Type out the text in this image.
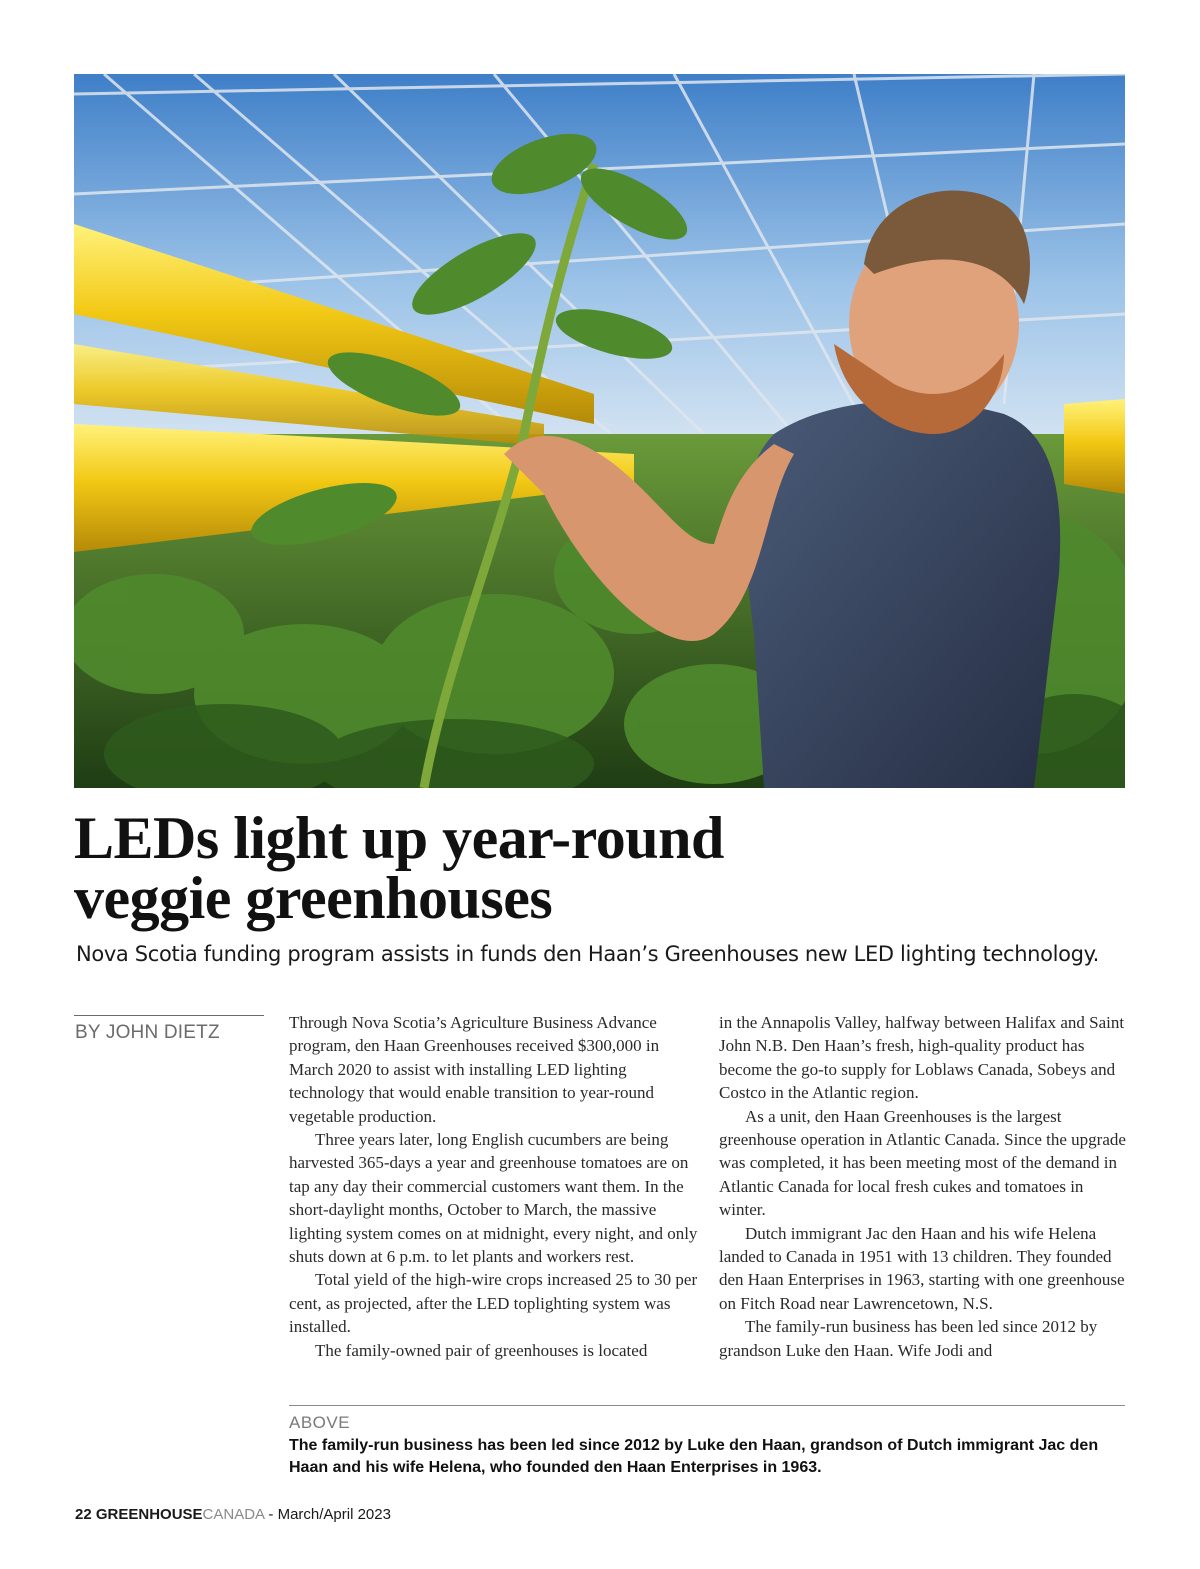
LEDs light up year-round
veggie greenhouses

Nova Scotia funding program assists in funds den Haan’s Greenhouses new LED lighting technology.

BY JOHN DIETZ	Through Nova Scotia’s Agriculture Business Advance program, den Haan Greenhouses received $300,000 in March 2020 to assist with installing LED lighting technology that would enable transition to year-round vegetable production.

Three years later, long English cucumbers are being harvested 365-days a year and greenhouse tomatoes are on tap any day their commercial customers want them. In the short-daylight months, October to March, the massive lighting system comes on at midnight, every night, and only shuts down at 6 p.m. to let plants and workers rest.

Total yield of the high-wire crops increased 25 to 30 per cent, as projected, after the LED toplighting system was installed.

The family-owned pair of greenhouses is located

in the Annapolis Valley, halfway between Halifax and Saint John N.B. Den Haan’s fresh, high-quality product has become the go-to supply for Loblaws Canada, Sobeys and Costco in the Atlantic region.

As a unit, den Haan Greenhouses is the largest greenhouse operation in Atlantic Canada. Since the upgrade was completed, it has been meeting most of the demand in Atlantic Canada for local fresh cukes and tomatoes in winter.

Dutch immigrant Jac den Haan and his wife Helena landed to Canada in 1951 with 13 children. They founded den Haan Enterprises in 1963, starting with one greenhouse on Fitch Road near Lawrencetown, N.S.

The family-run business has been led since 2012 by grandson Luke den Haan. Wife Jodi and

ABOVE

The family-run business has been led since 2012 by Luke den Haan, grandson of Dutch immigrant Jac den Haan and his wife Helena, who founded den Haan Enterprises in 1963.

22 GREENHOUSECANADA - March/April 2023
